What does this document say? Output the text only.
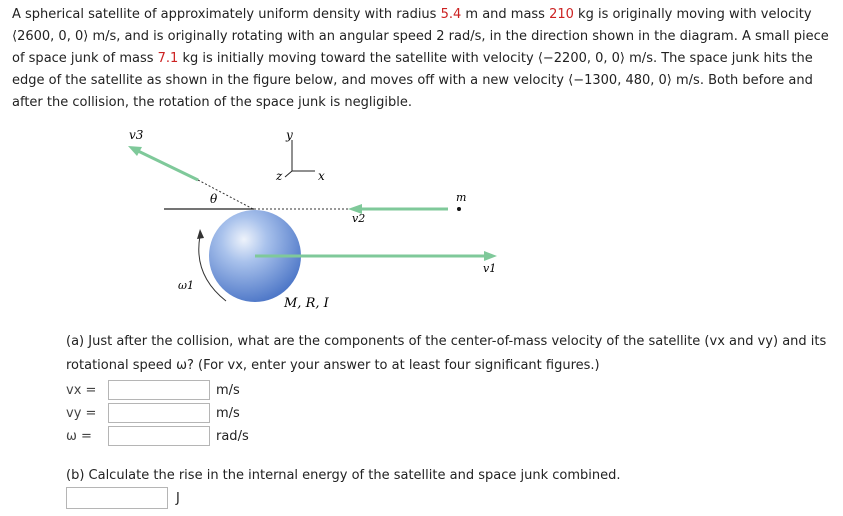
A spherical satellite of approximately uniform density with radius 5.4 m and mass 210 kg is originally moving with velocity ⟨2600, 0, 0⟩ m/s, and is originally rotating with an angular speed 2 rad/s, in the direction shown in the diagram. A small piece of space junk of mass 7.1 kg is initially moving toward the satellite with velocity ⟨−2200, 0, 0⟩ m/s. The space junk hits the edge of the satellite as shown in the figure below, and moves off with a new velocity ⟨−1300, 480, 0⟩ m/s. Both before and after the collision, the rotation of the space junk is negligible.
v3	y
z	x
θ
v2
m
v1
ω1
M, R, I
(a) Just after the collision, what are the components of the center-of-mass velocity of the satellite (vx and vy) and its rotational speed ω? (For vx, enter your answer to at least four significant figures.)
vx =	m/s
vy =	m/s
ω =	rad/s
(b) Calculate the rise in the internal energy of the satellite and space junk combined.
J
